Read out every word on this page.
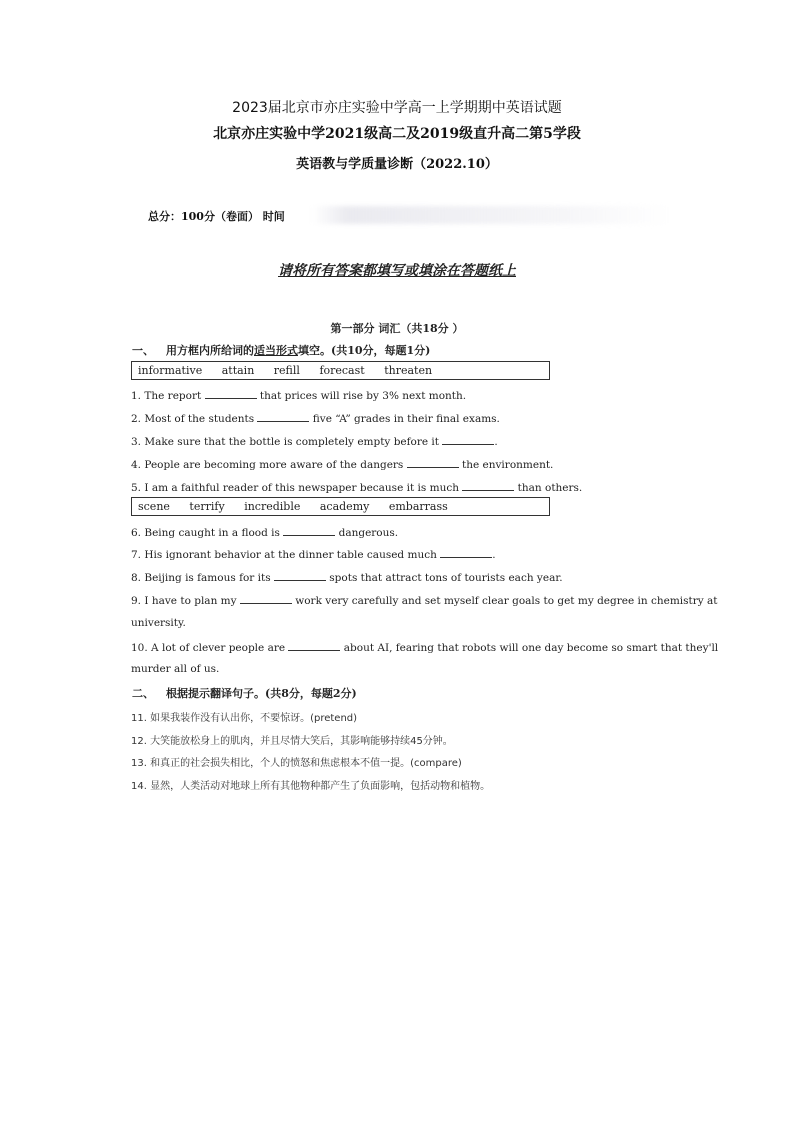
2023届北京市亦庄实验中学高一上学期期中英语试题
北京亦庄实验中学2021级高二及2019级直升高二第5学段
英语教与学质量诊断（2022.10）
总分：100分（卷面） 时间
请将所有答案都填写或填涂在答题纸上
第一部分 词汇（共18分 ）
一、 用方框内所给词的适当形式填空。(共10分，每题1分)
informative attain refill forecast threaten
1. The report	that prices will rise by 3% next month.
2. Most of the students	five “A” grades in their final exams.
3. Make sure that the bottle is completely empty before it	.
4. People are becoming more aware of the dangers	the environment.
5. I am a faithful reader of this newspaper because it is much	than others.
scene terrify incredible academy embarrass
6. Being caught in a flood is	dangerous.
7. His ignorant behavior at the dinner table caused much	.
8. Beijing is famous for its	spots that attract tons of tourists each year.
9. I have to plan my	work very carefully and set myself clear goals to get my degree in chemistry at
university.
10. A lot of clever people are	about AI, fearing that robots will one day become so smart that they'll
murder all of us.
二、 根据提示翻译句子。(共8分，每题2分)
11. 如果我装作没有认出你，不要惊讶。(pretend)
12. 大笑能放松身上的肌肉，并且尽情大笑后，其影响能够持续45分钟。
13. 和真正的社会损失相比，个人的愤怒和焦虑根本不值一提。(compare)
14. 显然，人类活动对地球上所有其他物种都产生了负面影响，包括动物和植物。
